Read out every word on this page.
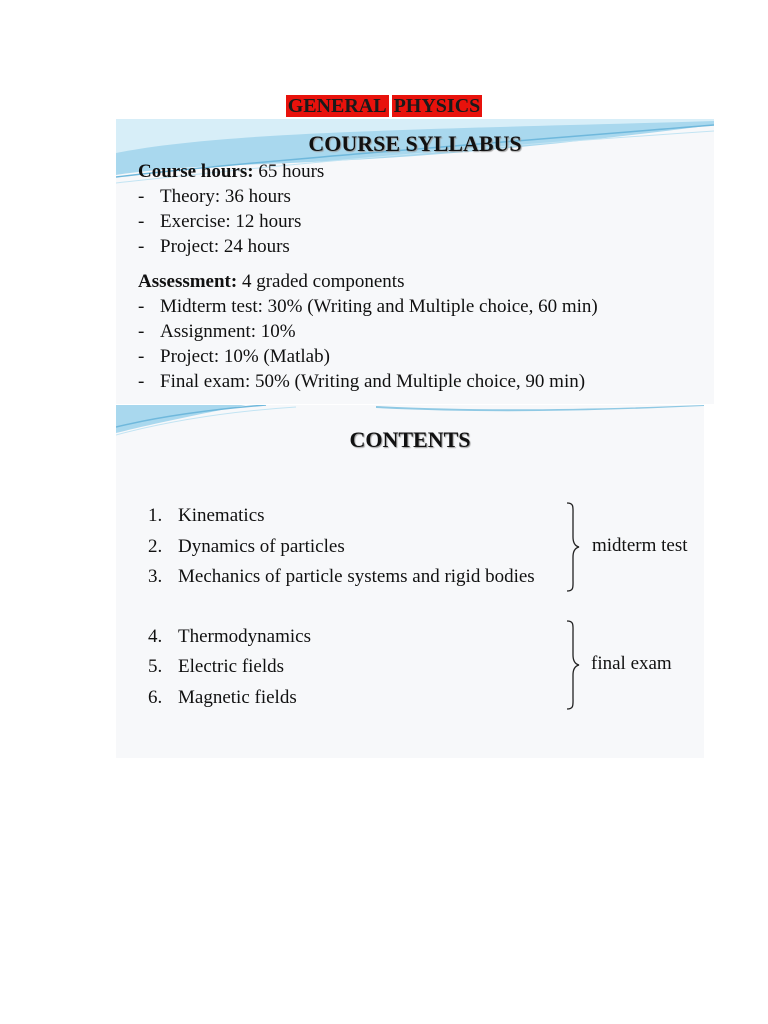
GENERAL PHYSICS
COURSE SYLLABUS
Course hours: 65 hours
- Theory: 36 hours
- Exercise: 12 hours
- Project: 24 hours
Assessment: 4 graded components
- Midterm test: 30% (Writing and Multiple choice, 60 min)
- Assignment: 10%
- Project: 10% (Matlab)
- Final exam: 50% (Writing and Multiple choice, 90 min)
CONTENTS
1. Kinematics
2. Dynamics of particles
3. Mechanics of particle systems and rigid bodies
midterm test
4. Thermodynamics
5. Electric fields
6. Magnetic fields
final exam
